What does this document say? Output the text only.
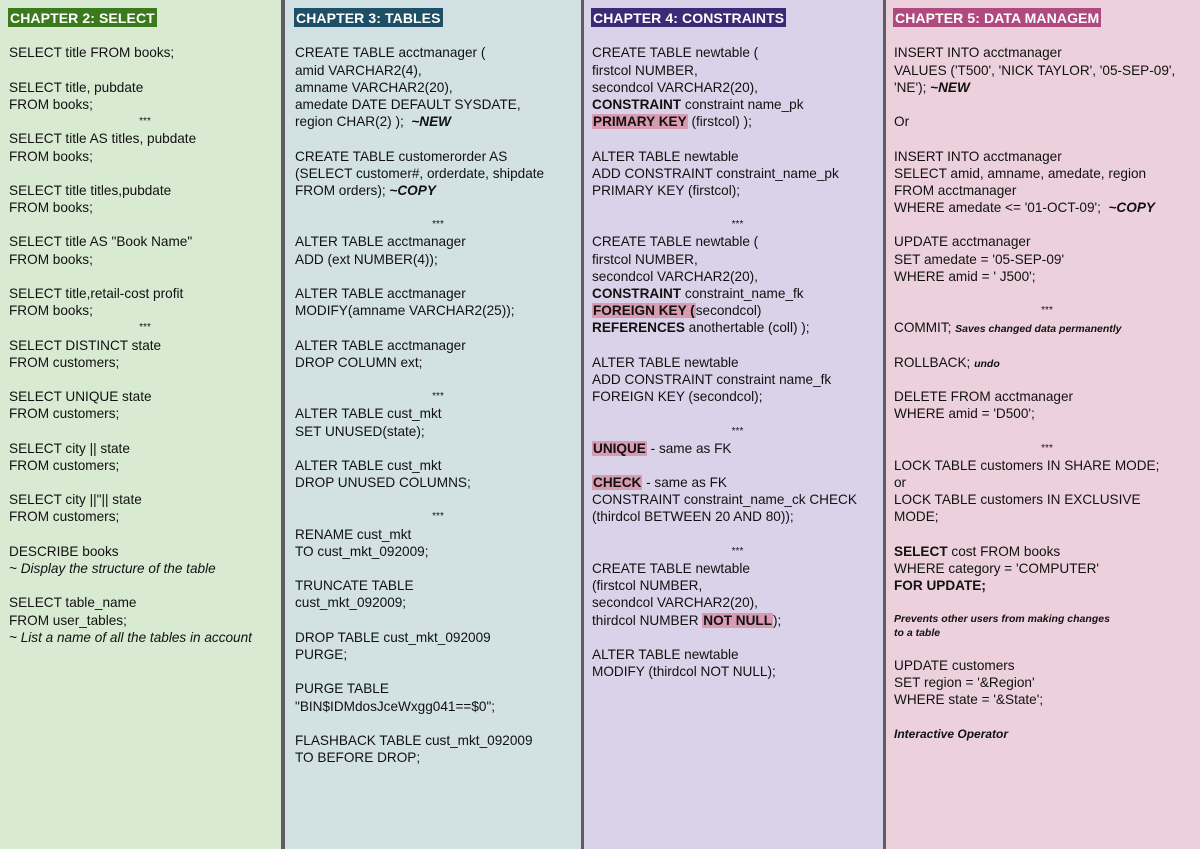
CHAPTER 2: SELECT
SELECT title FROM books;
SELECT title, pubdate
FROM books;
***
SELECT title AS titles, pubdate
FROM books;
SELECT title titles,pubdate
FROM books;
SELECT title AS "Book Name"
FROM books;
SELECT title,retail-cost profit
FROM books;
***
SELECT DISTINCT state
FROM customers;
SELECT UNIQUE state
FROM customers;
SELECT city || state
FROM customers;
SELECT city ||"|| state
FROM customers;
DESCRIBE books
~ Display the structure of the table
SELECT table_name
FROM user_tables;
~ List a name of all the tables in account
CHAPTER 3: TABLES
CREATE TABLE acctmanager (
amid VARCHAR2(4),
amname VARCHAR2(20),
amedate DATE DEFAULT SYSDATE,
region CHAR(2) ); ~NEW
CREATE TABLE customerorder AS
(SELECT customer#, orderdate, shipdate
FROM orders); ~COPY
***
ALTER TABLE acctmanager
ADD (ext NUMBER(4));
ALTER TABLE acctmanager
MODIFY(amname VARCHAR2(25));
ALTER TABLE acctmanager
DROP COLUMN ext;
***
ALTER TABLE cust_mkt
SET UNUSED(state);
ALTER TABLE cust_mkt
DROP UNUSED COLUMNS;
***
RENAME cust_mkt
TO cust_mkt_092009;
TRUNCATE TABLE
cust_mkt_092009;
DROP TABLE cust_mkt_092009
PURGE;
PURGE TABLE
"BIN$IDMdosJceWxgg041==$0";
FLASHBACK TABLE cust_mkt_092009
TO BEFORE DROP;
CHAPTER 4: CONSTRAINTS
CREATE TABLE newtable (
firstcol NUMBER,
secondcol VARCHAR2(20),
CONSTRAINT constraint name_pk
PRIMARY KEY (firstcol) );
ALTER TABLE newtable
ADD CONSTRAINT constraint_name_pk
PRIMARY KEY (firstcol);
***
CREATE TABLE newtable (
firstcol NUMBER,
secondcol VARCHAR2(20),
CONSTRAINT constraint_name_fk
FOREIGN KEY (secondcol)
REFERENCES anothertable (coll) );
ALTER TABLE newtable
ADD CONSTRAINT constraint name_fk
FOREIGN KEY (secondcol);
***
UNIQUE - same as FK
CHECK - same as FK
CONSTRAINT constraint_name_ck CHECK
(thirdcol BETWEEN 20 AND 80));
***
CREATE TABLE newtable
(firstcol NUMBER,
secondcol VARCHAR2(20),
thirdcol NUMBER NOT NULL);
ALTER TABLE newtable
MODIFY (thirdcol NOT NULL);
CHAPTER 5: DATA MANAGEM
INSERT INTO acctmanager
VALUES ('T500', 'NICK TAYLOR', '05-SEP-09',
'NE'); ~NEW
Or
INSERT INTO acctmanager
SELECT amid, amname, amedate, region
FROM acctmanager
WHERE amedate <= '01-OCT-09'; ~COPY
UPDATE acctmanager
SET amedate = '05-SEP-09'
WHERE amid = ' J500';
***
COMMIT; Saves changed data permanently
ROLLBACK; undo
DELETE FROM acctmanager
WHERE amid = 'D500';
***
LOCK TABLE customers IN SHARE MODE;
or
LOCK TABLE customers IN EXCLUSIVE
MODE;
SELECT cost FROM books
WHERE category = 'COMPUTER'
FOR UPDATE;
Prevents other users from making changes
to a table
UPDATE customers
SET region = '&Region'
WHERE state = '&State';
Interactive Operator
